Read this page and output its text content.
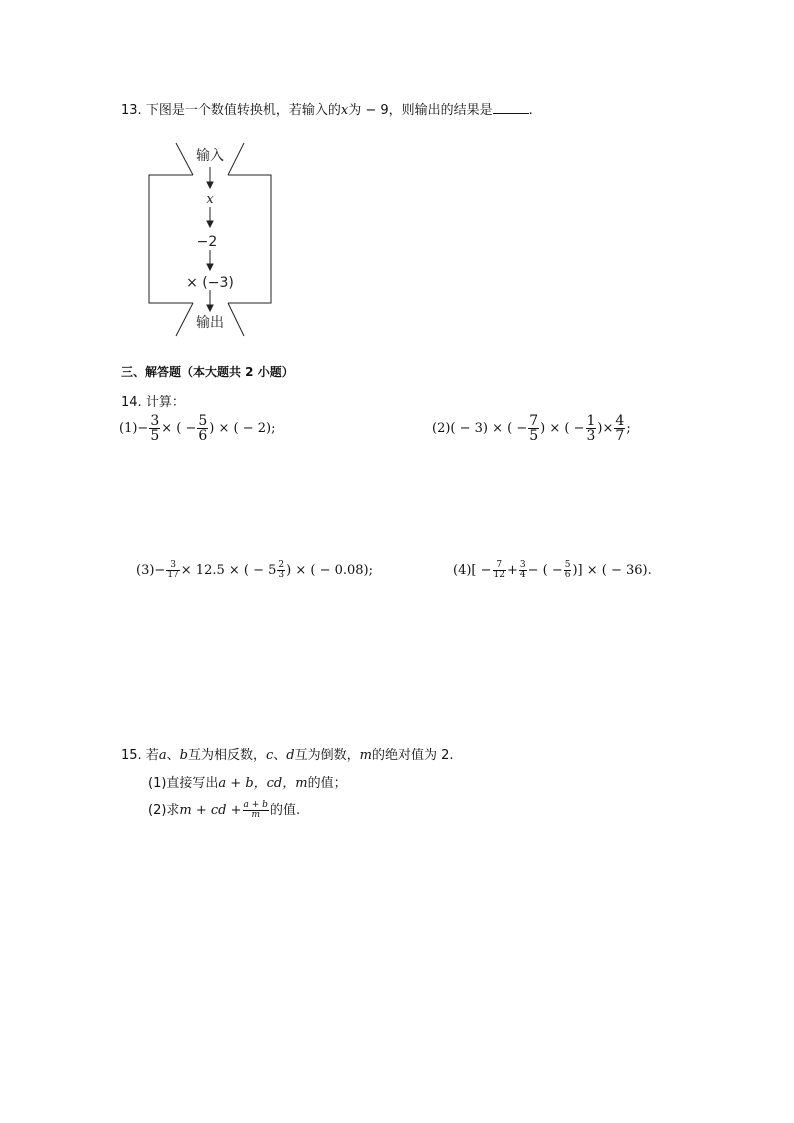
13. 下图是一个数值转换机，若输入的x为 − 9，则输出的结果是	.
输入
x
−2
× (−3)
输出
三、解答题（本大题共 2 小题）
14. 计算：
$(1)- \frac{3}{5}$ × ( − $\frac{5}{6}$ ) × ( − 2);	(2)( − 3) × ( − $\frac{7}{5}$ ) × ( − $\frac{1}{3}$ )× $\frac{4}{7}$ ;
$(3)- \frac{3}{17} \times 12.5$ × ( − $5 \frac{2}{3}$ ) × ( − 0.08);	$(4)[ - \frac{7}{12} + \frac{3}{4}$ − ( − $\frac{5}{6}$ )] × ( − 36).
15. 若a、b互为相反数，c、d互为倒数，m的绝对值为 2.
(1)直接写出a + b，cd，m的值；
(2)求m + cd + $\frac{a + b}{m}$ 的值.
